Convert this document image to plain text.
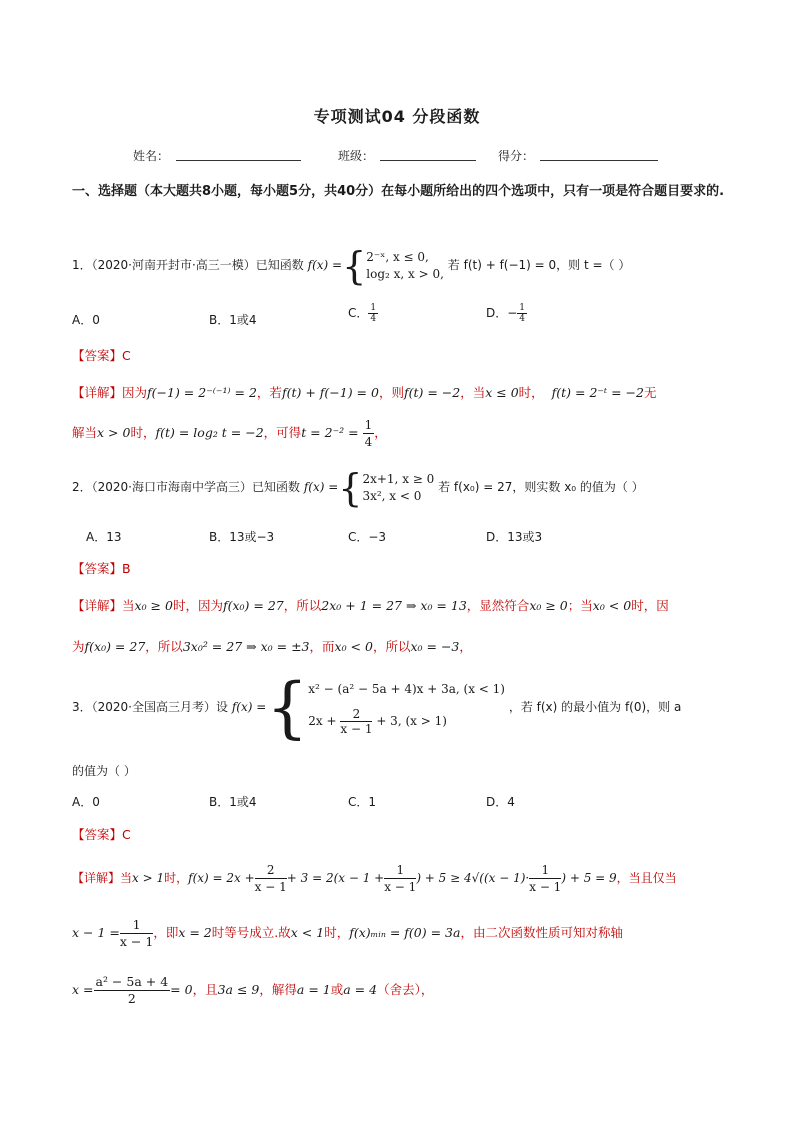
专项测试04 分段函数
姓名：	班级：	得分：
一、选择题（本大题共8小题，每小题5分，共40分）在每小题所给出的四个选项中，只有一项是符合题目要求的.
1．（2020·河南开封市·高三一模）已知函数 f(x) ={ 2⁻ˣ, x ≤ 0,
log₂ x, x > 0,
若 f(t) + f(−1) = 0，则 t =（ ）
A．0	B．1或4	C． $\frac{1}{4}$	D．− $\frac{1}{4}$
【答案】C
【详解】因为f(−1) = 2⁻⁽⁻¹⁾ = 2，若f(t) + f(−1) = 0，则f(t) = −2，当x ≤ 0时， f(t) = 2⁻ᵗ = −2无
解当x > 0时，f(t) = log₂ t = −2，可得$t = 2^{-2} = \frac{1}{4}$ ，
2．（2020·海口市海南中学高三）已知函数 f(x) ={ 2x+1, x ≥ 0
3x², x < 0
若 f(x₀) = 27，则实数 x₀ 的值为（ ）
A．13	B．13或−3	C．−3	D．13或3
【答案】B
【详解】当x₀ ≥ 0时，因为f(x₀) = 27，所以2x₀ + 1 = 27 ⇒ x₀ = 13，显然符合x₀ ≥ 0；当x₀ < 0时，因
为f(x₀) = 27，所以3x₀² = 27 ⇒ x₀ = ±3，而x₀ < 0，所以x₀ = −3，
3．（2020·全国高三月考）设 f(x) ={ x² − (a² − 5a + 4)x + 3a, (x < 1)
$2x + \frac{2}{x - 1} + 3$, (x > 1)
，若 f(x) 的最小值为 f(0)，则 a
的值为（ ）
A．0	B．1或4	C．1	D．4
【答案】C
【详解】当x > 1时，$f(x) = 2x + \frac{2}{x - 1} + 3 = 2(x - 1 + \frac{1}{x - 1}$ ) + $5 \ge 4√((x - 1)\cdot \frac{1}{x - 1}$ ) + 5 = 9，当且仅当
$x - 1 = \frac{1}{x - 1}$ ，即x = 2时等号成立.故x < 1时，f(x)ₘᵢₙ = f(0) = 3a，由二次函数性质可知对称轴
$x = \frac{\text{a² − 5a + 4}}{2} = 0$，且3a ≤ 9，解得a = 1或a = 4（舍去），
